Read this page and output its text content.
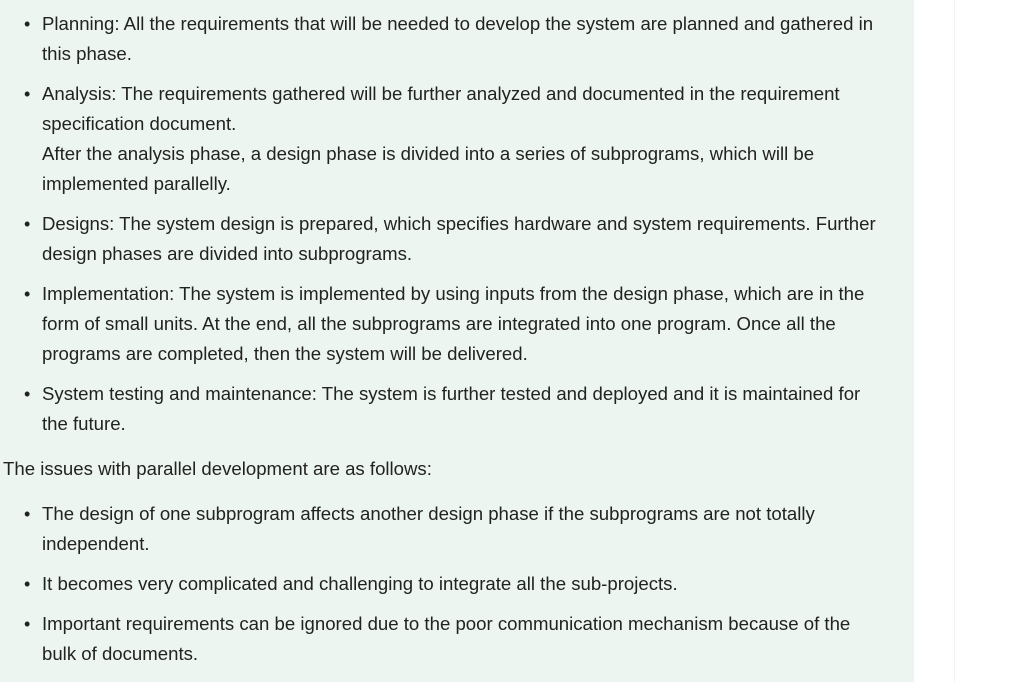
• Planning: All the requirements that will be needed to develop the system are planned and gathered in this phase.
• Analysis: The requirements gathered will be further analyzed and documented in the requirement specification document.
After the analysis phase, a design phase is divided into a series of subprograms, which will be implemented parallelly.
• Designs: The system design is prepared, which specifies hardware and system requirements. Further design phases are divided into subprograms.
• Implementation: The system is implemented by using inputs from the design phase, which are in the form of small units. At the end, all the subprograms are integrated into one program. Once all the programs are completed, then the system will be delivered.
• System testing and maintenance: The system is further tested and deployed and it is maintained for the future.

The issues with parallel development are as follows:

• The design of one subprogram affects another design phase if the subprograms are not totally independent.
• It becomes very complicated and challenging to integrate all the sub-projects.
• Important requirements can be ignored due to the poor communication mechanism because of the bulk of documents.
